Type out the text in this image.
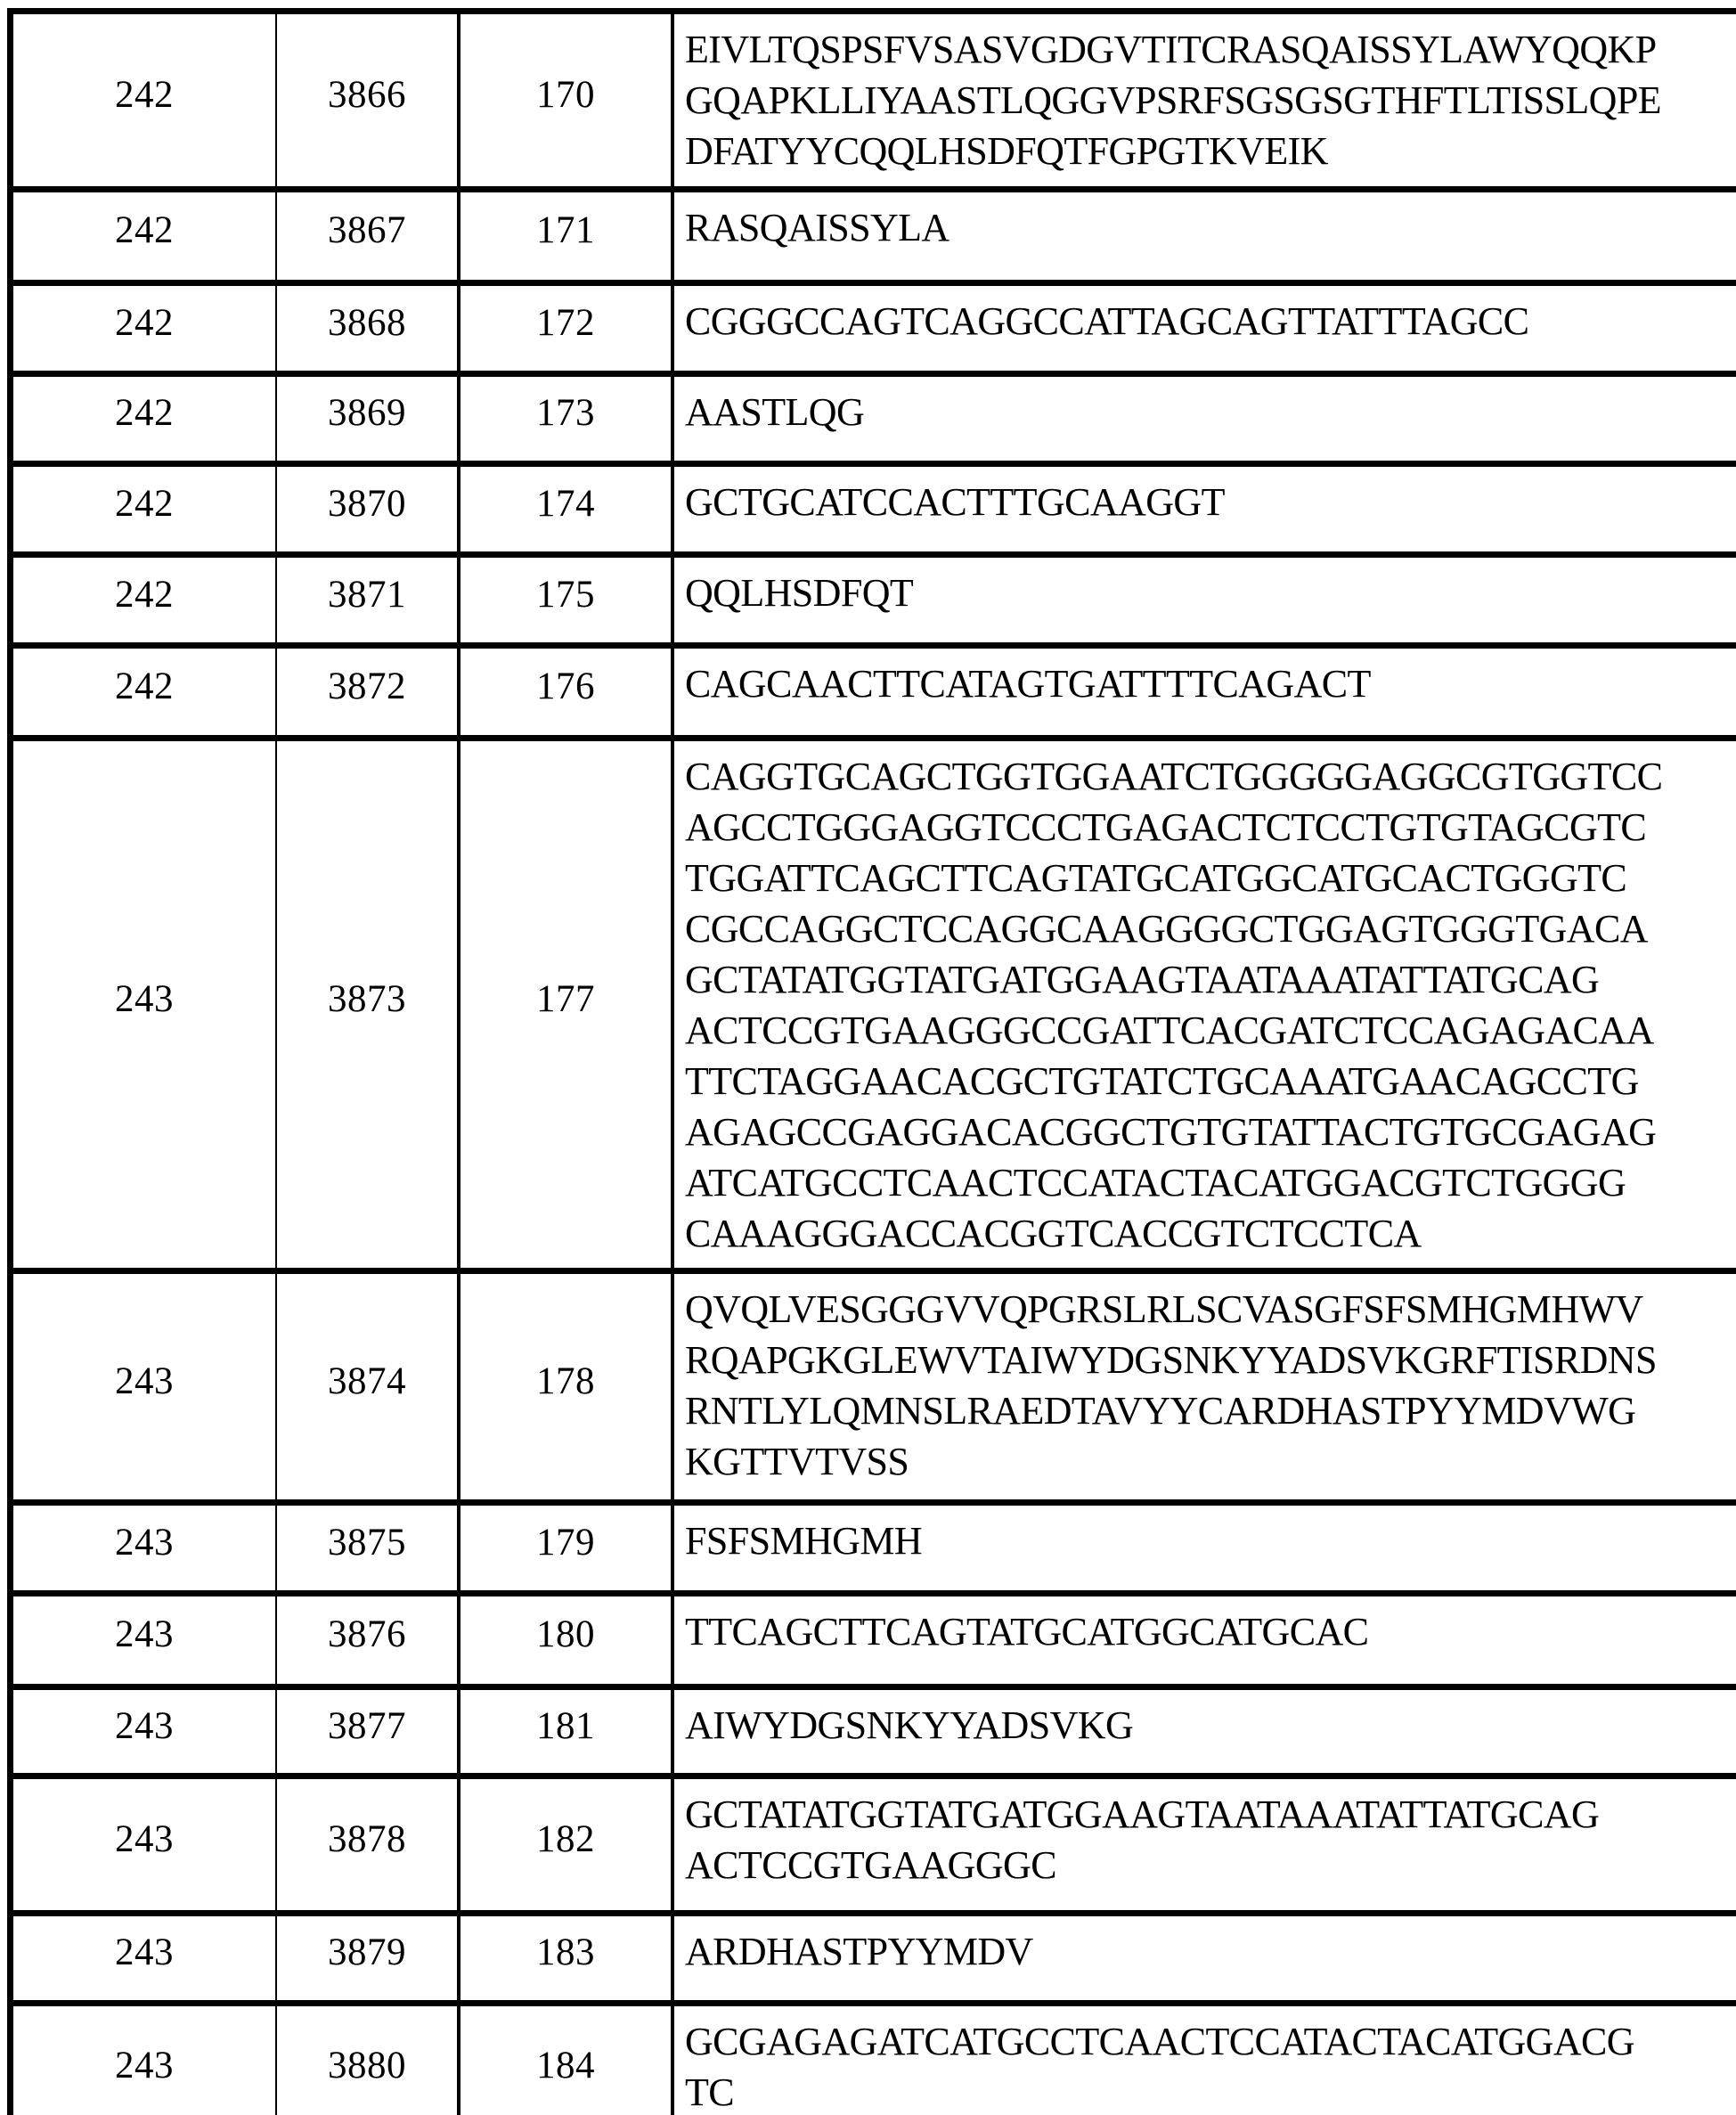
242	3866	170	EIVLTQSPSFVSASVGDGVTITCRASQAISSYLAWYQQKP
GQAPKLLIYAASTLQGGVPSRFSGSGSGTHFTLTISSLQPE
DFATYYCQQLHSDFQTFGPGTKVEIK
242	3867	171	RASQAISSYLA
242	3868	172	CGGGCCAGTCAGGCCATTAGCAGTTATTTAGCC
242	3869	173	AASTLQG
242	3870	174	GCTGCATCCACTTTGCAAGGT
242	3871	175	QQLHSDFQT
242	3872	176	CAGCAACTTCATAGTGATTTTCAGACT
243	3873	177	CAGGTGCAGCTGGTGGAATCTGGGGGAGGCGTGGTCC
AGCCTGGGAGGTCCCTGAGACTCTCCTGTGTAGCGTC
TGGATTCAGCTTCAGTATGCATGGCATGCACTGGGTC
CGCCAGGCTCCAGGCAAGGGGCTGGAGTGGGTGACA
GCTATATGGTATGATGGAAGTAATAAATATTATGCAG
ACTCCGTGAAGGGCCGATTCACGATCTCCAGAGACAA
TTCTAGGAACACGCTGTATCTGCAAATGAACAGCCTG
AGAGCCGAGGACACGGCTGTGTATTACTGTGCGAGAG
ATCATGCCTCAACTCCATACTACATGGACGTCTGGGG
CAAAGGGACCACGGTCACCGTCTCCTCA
243	3874	178	QVQLVESGGGVVQPGRSLRLSCVASGFSFSMHGMHWV
RQAPGKGLEWVTAIWYDGSNKYYADSVKGRFTISRDNS
RNTLYLQMNSLRAEDTAVYYCARDHASTPYYMDVWG
KGTTVTVSS
243	3875	179	FSFSMHGMH
243	3876	180	TTCAGCTTCAGTATGCATGGCATGCAC
243	3877	181	AIWYDGSNKYYADSVKG
243	3878	182	GCTATATGGTATGATGGAAGTAATAAATATTATGCAG
ACTCCGTGAAGGGC
243	3879	183	ARDHASTPYYMDV
243	3880	184	GCGAGAGATCATGCCTCAACTCCATACTACATGGACG
TC
